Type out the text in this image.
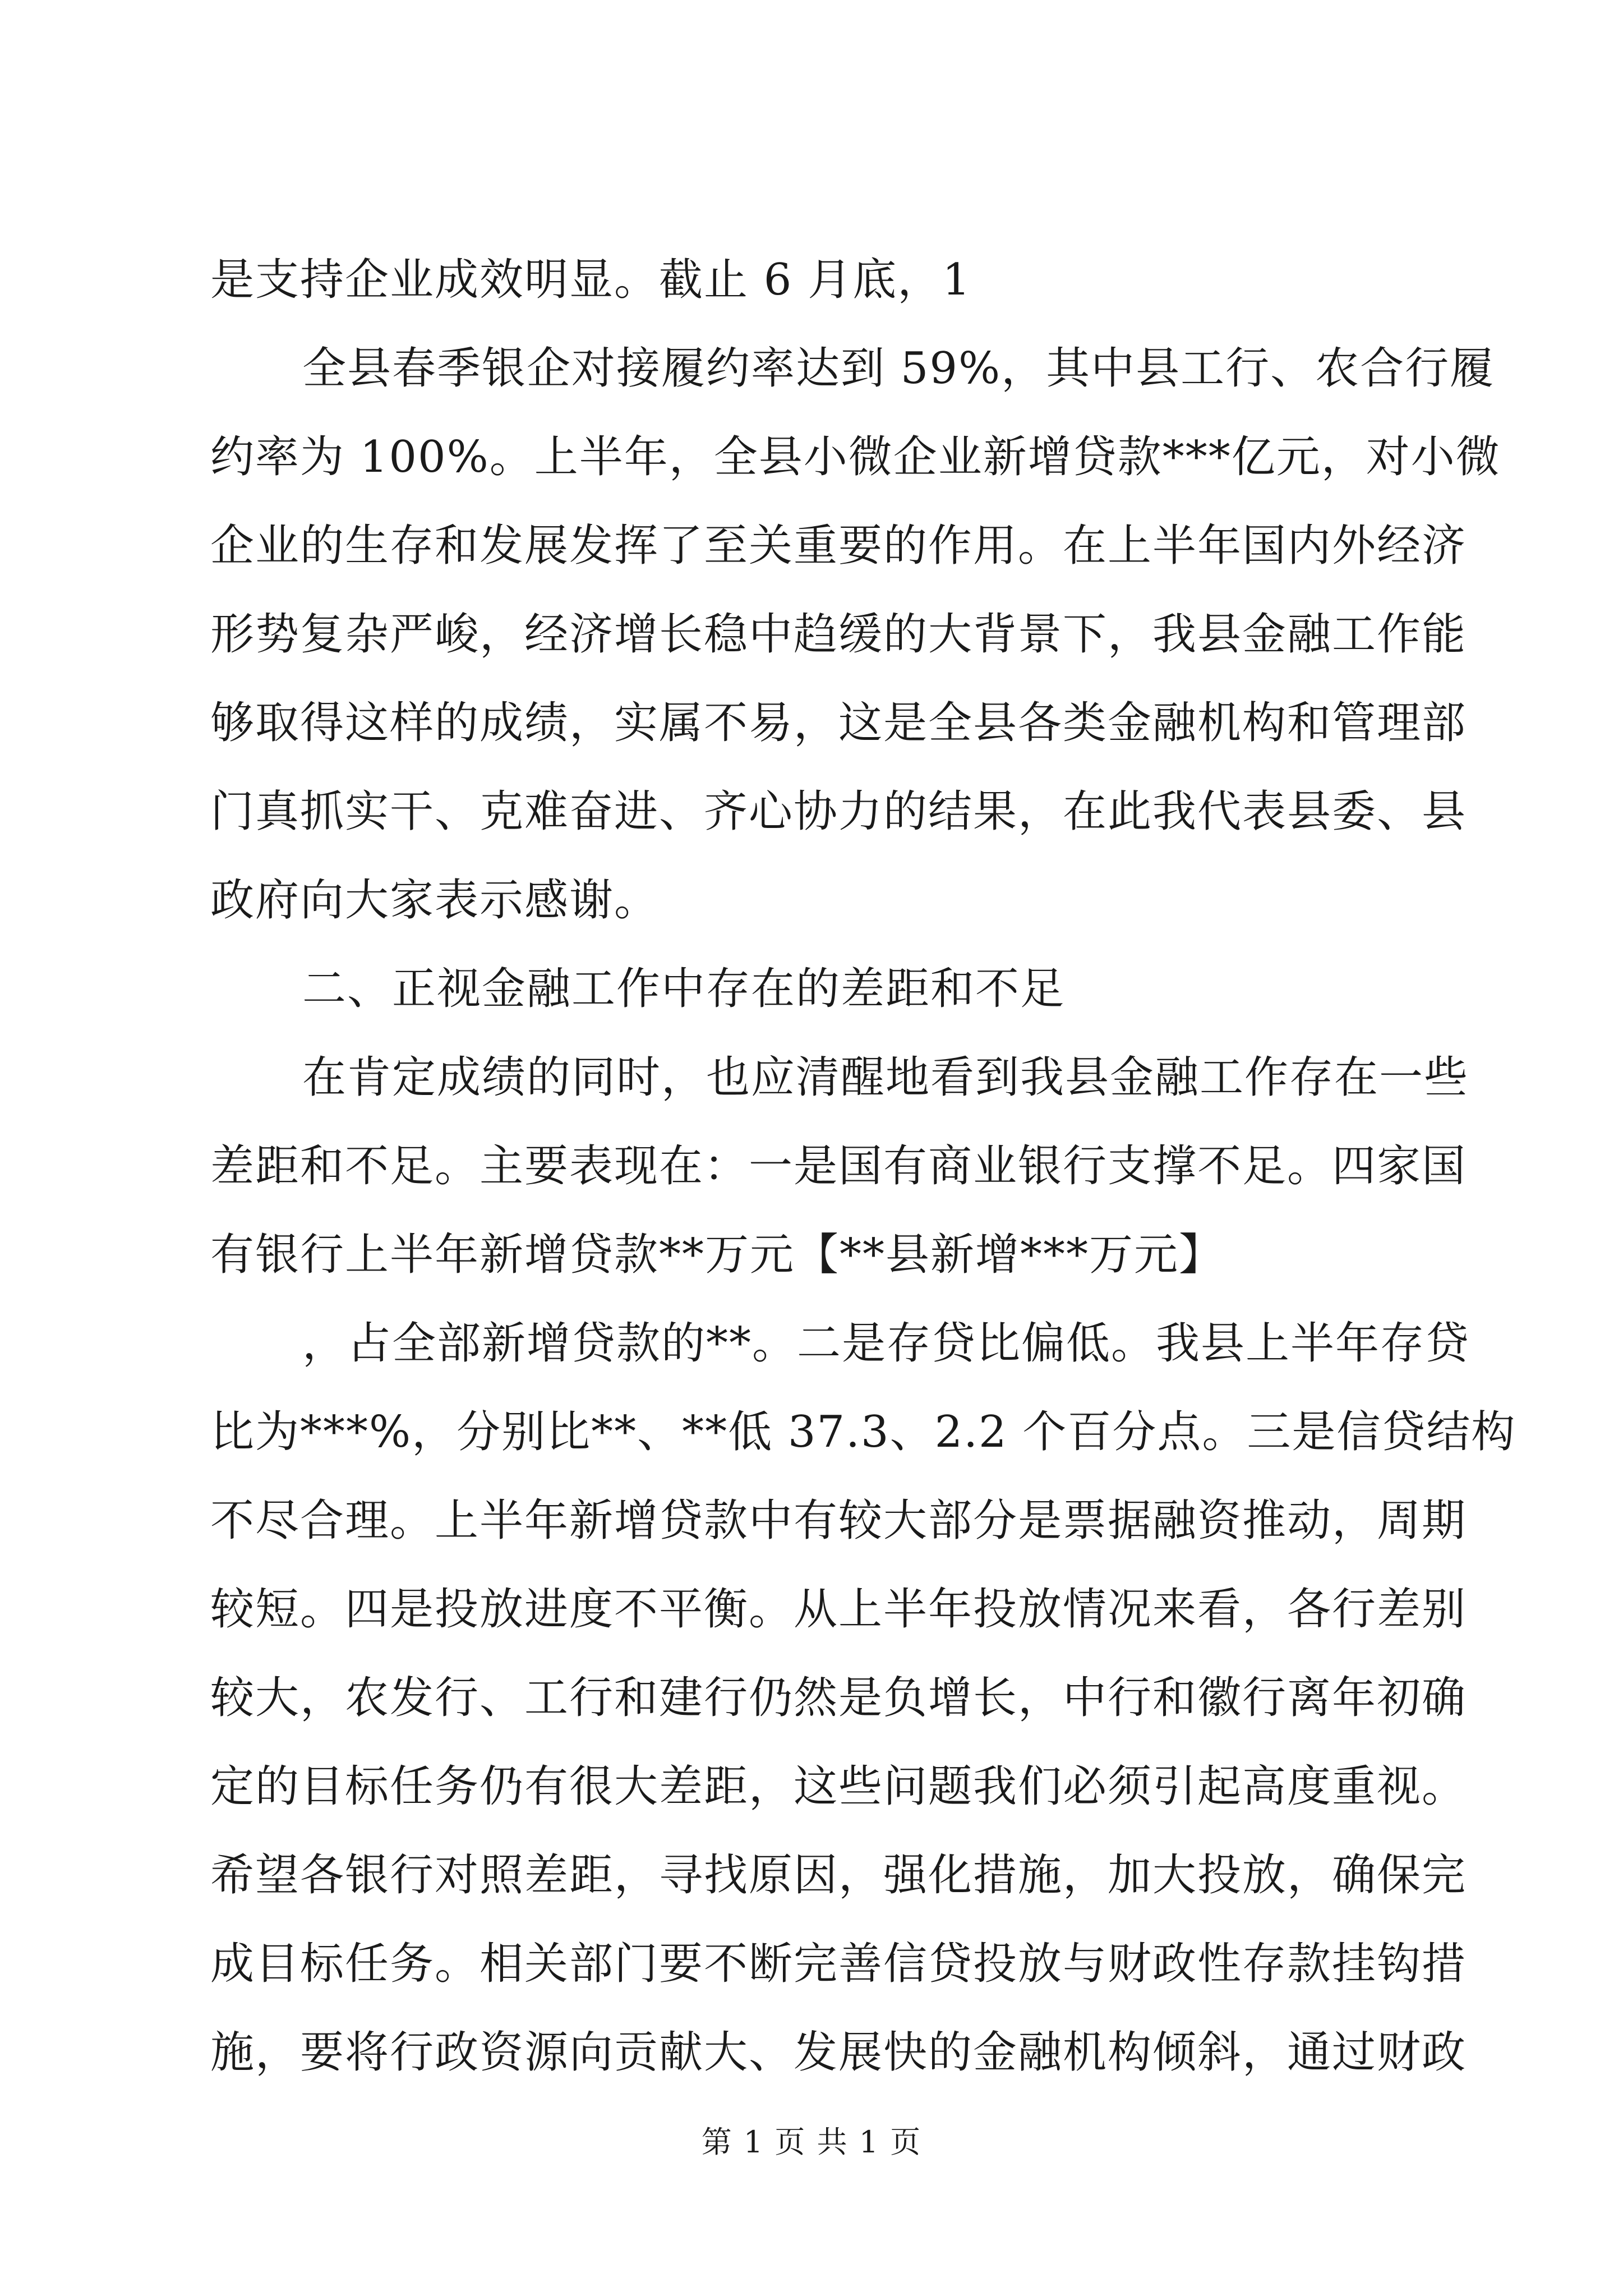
是支持企业成效明显。截止 6 月底，1
全县春季银企对接履约率达到 59%，其中县工行、农合行履
约率为 100%。上半年，全县小微企业新增贷款***亿元，对小微
企业的生存和发展发挥了至关重要的作用。在上半年国内外经济
形势复杂严峻，经济增长稳中趋缓的大背景下，我县金融工作能
够取得这样的成绩，实属不易，这是全县各类金融机构和管理部
门真抓实干、克难奋进、齐心协力的结果，在此我代表县委、县
政府向大家表示感谢。
二、正视金融工作中存在的差距和不足
在肯定成绩的同时，也应清醒地看到我县金融工作存在一些
差距和不足。主要表现在：一是国有商业银行支撑不足。四家国
有银行上半年新增贷款**万元【**县新增***万元】
，占全部新增贷款的**。二是存贷比偏低。我县上半年存贷
比为***%，分别比**、**低 37.3、2.2 个百分点。三是信贷结构
不尽合理。上半年新增贷款中有较大部分是票据融资推动，周期
较短。四是投放进度不平衡。从上半年投放情况来看，各行差别
较大，农发行、工行和建行仍然是负增长，中行和徽行离年初确
定的目标任务仍有很大差距，这些问题我们必须引起高度重视。
希望各银行对照差距，寻找原因，强化措施，加大投放，确保完
成目标任务。相关部门要不断完善信贷投放与财政性存款挂钩措
施，要将行政资源向贡献大、发展快的金融机构倾斜，通过财政
第 1 页 共 1 页
